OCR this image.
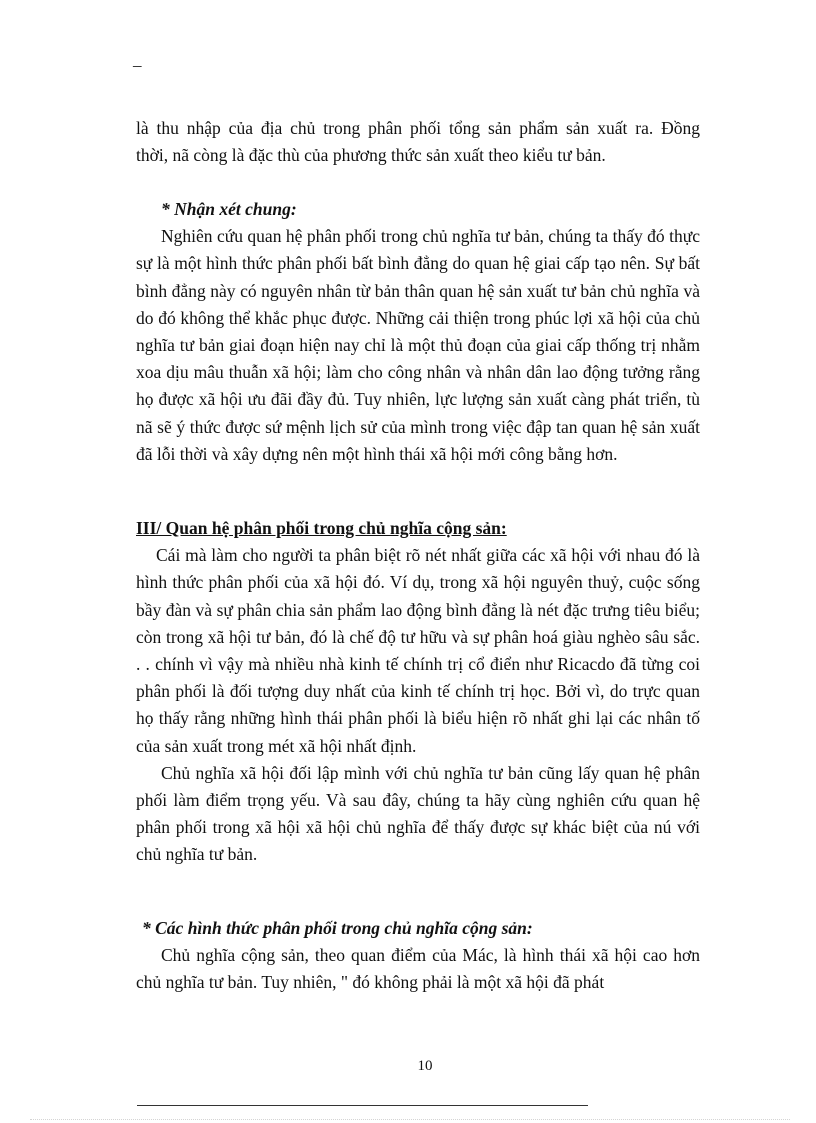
_

là thu nhập của địa chủ trong phân phối tổng sản phẩm sản xuất ra. Đồng

thời, nã còng là đặc thù của phương thức sản xuất theo kiểu tư bản.

* Nhận xét chung:

Nghiên cứu quan hệ phân phối trong chủ nghĩa tư bản, chúng ta thấy đó thực sự là một hình thức phân phối bất bình đẳng do quan hệ giai cấp tạo nên. Sự bất bình đẳng này có nguyên nhân từ bản thân quan hệ sản xuất tư bản chủ nghĩa và do đó không thể khắc phục được. Những cải thiện trong phúc lợi xã hội của chủ nghĩa tư bản giai đoạn hiện nay chỉ là một thủ đoạn của giai cấp thống trị nhằm xoa dịu mâu thuẫn xã hội; làm cho công nhân và nhân dân lao động tưởng rằng họ được xã hội ưu đãi đầy đủ. Tuy nhiên, lực lượng sản xuất càng phát triển, tù nã sẽ ý thức được sứ mệnh lịch sử của mình trong việc đập tan quan hệ sản xuất đã lỗi thời và xây dựng nên một hình thái xã hội mới công bằng hơn.

III/ Quan hệ phân phối trong chủ nghĩa cộng sản:

Cái mà làm cho người ta phân biệt rõ nét nhất giữa các xã hội với nhau đó là hình thức phân phối của xã hội đó. Ví dụ, trong xã hội nguyên thuỷ, cuộc sống bầy đàn và sự phân chia sản phẩm lao động bình đẳng là nét đặc trưng tiêu biểu; còn trong xã hội tư bản, đó là chế độ tư hữu và sự phân hoá giàu nghèo sâu sắc. . . chính vì vậy mà nhiều nhà kinh tế chính trị cổ điển như Ricacdo đã từng coi phân phối là đối tượng duy nhất của kinh tế chính trị học. Bởi vì, do trực quan họ thấy rằng những hình thái phân phối là biểu hiện rõ nhất ghi lại các nhân tố của sản xuất trong mét xã hội nhất định.

Chủ nghĩa xã hội đối lập mình với chủ nghĩa tư bản cũng lấy quan hệ phân phối làm điểm trọng yếu. Và sau đây, chúng ta hãy cùng nghiên cứu quan hệ phân phối trong xã hội xã hội chủ nghĩa để thấy được sự khác biệt của nú với chủ nghĩa tư bản.

* Các hình thức phân phối trong chủ nghĩa cộng sản:

Chủ nghĩa cộng sản, theo quan điểm của Mác, là hình thái xã hội cao hơn chủ nghĩa tư bản. Tuy nhiên, " đó không phải là một xã hội đã phát

10
